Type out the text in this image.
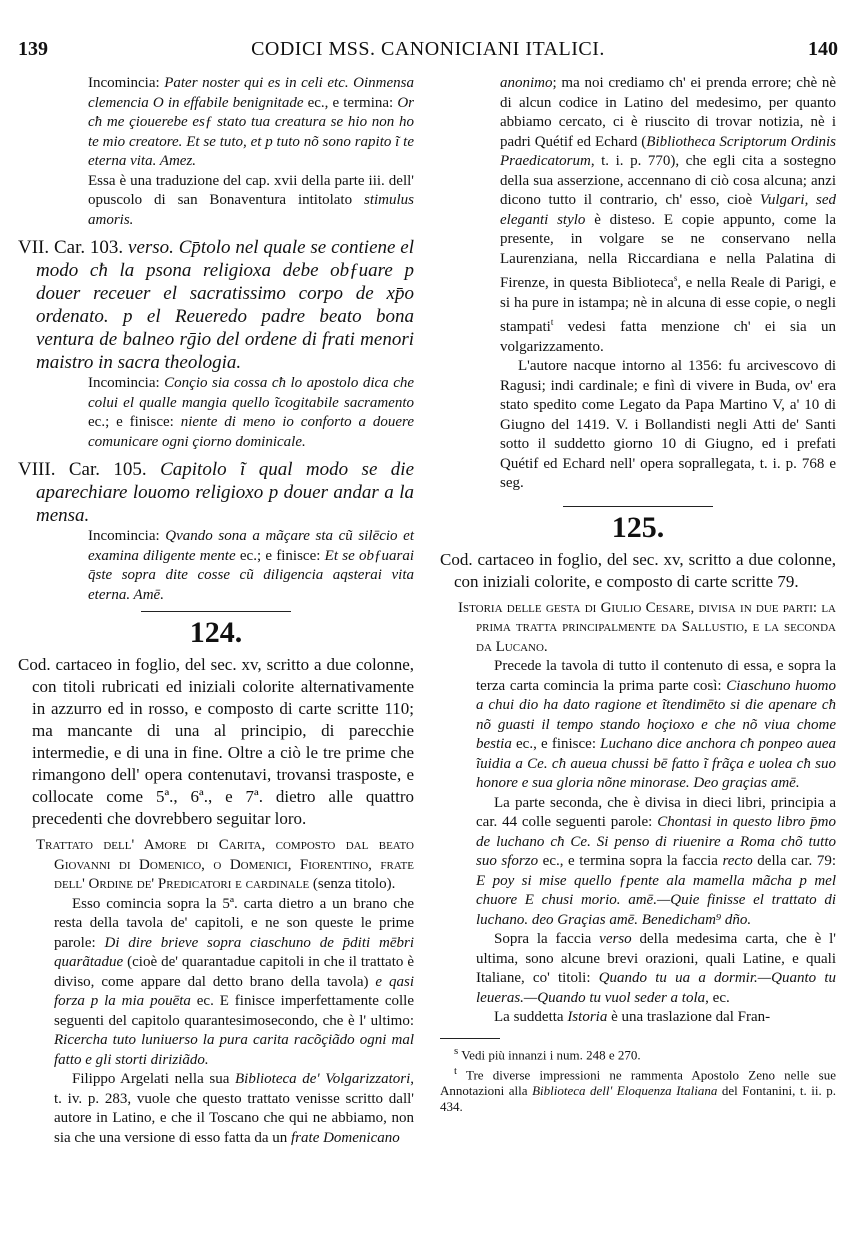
139	CODICI MSS. CANONICIANI ITALICI.	140

Incomincia: Pater noster qui es in celi etc. Oinmensa clemencia O in effabile benignitade ec., e termina: Or cħ me çiouerebe esƒ stato tua creatura se hio non ho te mio creatore. Et se tuto, et p tuto nõ sono rapito ĩ te eterna vita. Amez.

Essa è una traduzione del cap. xvii della parte iii. dell' opuscolo di san Bonaventura intitolato stimulus amoris.

VII. Car. 103. verso. Cp̄tolo nel quale se contiene el modo cħ la psona religioxa debe obƒuare p douer receuer el sacratissimo corpo de xp̄o ordenato. p el Reueredo padre beato bona ventura de balneo rḡio del ordene di frati menori maistro in sacra theologia.

Incomincia: Conçio sia cossa cħ lo apostolo dica che colui el qualle mangia quello ĩcogitabile sacramento ec.; e finisce: niente di meno io conforto a douere comunicare ogni çiorno dominicale.

VIII. Car. 105. Capitolo ĩ qual modo se die aparechiare louomo religioxo p douer andar a la mensa.

Incomincia: Qvando sona a mãçare sta cũ silēcio et examina diligente mente ec.; e finisce: Et se obƒuarai q̄ste sopra dite cosse cũ diligencia aqsterai vita eterna. Amē.

124.

Cod. cartaceo in foglio, del sec. xv, scritto a due colonne, con titoli rubricati ed iniziali colorite alternativamente in azzurro ed in rosso, e composto di carte scritte 110; ma mancante di una al principio, di parecchie intermedie, e di una in fine. Oltre a ciò le tre prime che rimangono dell' opera contenutavi, trovansi trasposte, e collocate come 5ª., 6ª., e 7ª. dietro alle quattro precedenti che dovrebbero seguitar loro.

Trattato dell' Amore di Carita, composto dal beato Giovanni di Domenico, o Domenici, Fiorentino, frate dell' Ordine de' Predicatori e cardinale (senza titolo).

Esso comincia sopra la 5ª. carta dietro a un brano che resta della tavola de' capitoli, e ne son queste le prime parole: Di dire brieve sopra ciaschuno de p̄diti mēbri quarãtadue (cioè de' quarantadue capitoli in che il trattato è diviso, come appare dal detto brano della tavola) e qasi forza p la mia pouēta ec. E finisce imperfettamente colle seguenti del capitolo quarantesimosecondo, che è l' ultimo: Ricercha tuto luniuerso la pura carita racõçiãdo ogni mal fatto e gli storti diriziãdo.

Filippo Argelati nella sua Biblioteca de' Volgarizzatori, t. iv. p. 283, vuole che questo trattato venisse scritto dall' autore in Latino, e che il Toscano che qui ne abbiamo, non sia che una versione di esso fatta da un frate Domenicano

anonimo; ma noi crediamo ch' ei prenda errore; chè nè di alcun codice in Latino del medesimo, per quanto abbiamo cercato, ci è riuscito di trovar notizia, nè i padri Quétif ed Echard (Bibliotheca Scriptorum Ordinis Praedicatorum, t. i. p. 770), che egli cita a sostegno della sua asserzione, accennano di ciò cosa alcuna; anzi dicono tutto il contrario, ch' esso, cioè Vulgari, sed eleganti stylo è disteso. E copie appunto, come la presente, in volgare se ne conservano nella Laurenziana, nella Riccardiana e nella Palatina di Firenze, in questa Biblioteca$^s$, e nella Reale di Parigi, e si ha pure in istampa; nè in alcuna di esse copie, o negli stampati$^t$ vedesi fatta menzione ch' ei sia un volgarizzamento.

L'autore nacque intorno al 1356: fu arcivescovo di Ragusi; indi cardinale; e finì di vivere in Buda, ov' era stato spedito come Legato da Papa Martino V, a' 10 di Giugno del 1419. V. i Bollandisti negli Atti de' Santi sotto il suddetto giorno 10 di Giugno, ed i prefati Quétif ed Echard nell' opera soprallegata, t. i. p. 768 e seg.

125.

Cod. cartaceo in foglio, del sec. xv, scritto a due colonne, con iniziali colorite, e composto di carte scritte 79.

Istoria delle gesta di Giulio Cesare, divisa in due parti: la prima tratta principalmente da Sallustio, e la seconda da Lucano.

Precede la tavola di tutto il contenuto di essa, e sopra la terza carta comincia la prima parte così: Ciaschuno huomo a chui dio ha dato ragione et ĩtendimēto si die apenare cħ nõ guasti il tempo stando hoçioxo e che nõ viua chome bestia ec., e finisce: Luchano dice anchora cħ ponpeo auea ĩuidia a Ce. cħ aueua chussi bē fatto ĩ frãça e uolea cħ suo honore e sua gloria nõne minorase. Deo graçias amē.

La parte seconda, che è divisa in dieci libri, principia a car. 44 colle seguenti parole: Chontasi in questo libro p̄mo de luchano cħ Ce. Si penso di riuenire a Roma chõ tutto suo sforzo ec., e termina sopra la faccia recto della car. 79: E poy si mise quello ƒpente ala mamella mãcha p mel chuore E chusi morio. amē.—Quie finisse el trattato di luchano. deo Graçias amē. Benedicham⁹ dño.

Sopra la faccia verso della medesima carta, che è l' ultima, sono alcune brevi orazioni, quali Latine, e quali Italiane, co' titoli: Quando tu ua a dormir.—Quanto tu leueras.—Quando tu vuol seder a tola, ec.

La suddetta Istoria è una traslazione dal Fran-

$^s$ Vedi più innanzi i num. 248 e 270.

$^t$ Tre diverse impressioni ne rammenta Apostolo Zeno nelle sue Annotazioni alla Biblioteca dell' Eloquenza Italiana del Fontanini, t. ii. p. 434.
